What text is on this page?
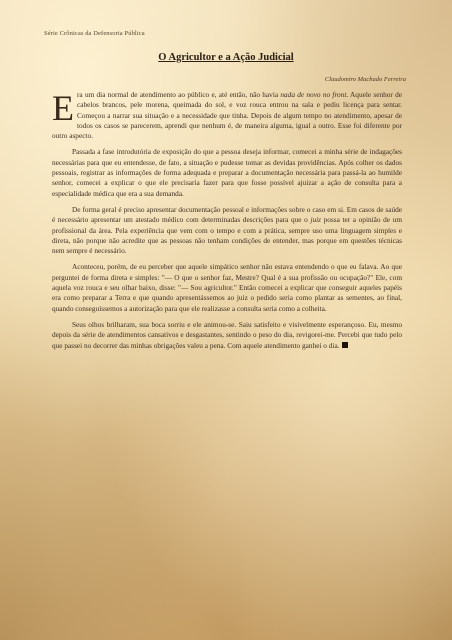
Série Crônicas da Defensoria Pública
O Agricultor e a Ação Judicial
Claudomiro Machado Ferreira

Era um dia normal de atendimento ao público e, até então, não havia nada de novo no front. Aquele senhor de cabelos brancos, pele morena, queimada do sol, e voz rouca entrou na sala e pediu licença para sentar. Começou a narrar sua situação e a necessidade que tinha. Depois de algum tempo no atendimento, apesar de todos os casos se parecerem, aprendi que nenhum é, de maneira alguma, igual a outro. Esse foi diferente por outro aspecto.

Passada a fase introdutória de exposição do que a pessoa deseja informar, comecei a minha série de indagações necessárias para que eu entendesse, de fato, a situação e pudesse tomar as devidas providências. Após colher os dados pessoais, registrar as informações de forma adequada e preparar a documentação necessária para passá-la ao humilde senhor, comecei a explicar o que ele precisaria fazer para que fosse possível ajuizar a ação de consulta para a especialidade médica que era a sua demanda.

De forma geral é preciso apresentar documentação pessoal e informações sobre o caso em si. Em casos de saúde é necessário apresentar um atestado médico com determinadas descrições para que o juiz possa ter a opinião de um profissional da área. Pela experiência que vem com o tempo e com a prática, sempre uso uma linguagem simples e direta, não porque não acredite que as pessoas não tenham condições de entender, mas porque em questões técnicas nem sempre é necessário.

Aconteceu, porém, de eu perceber que aquele simpático senhor não estava entendendo o que eu falava. Ao que perguntei de forma direta e simples: "— O que o senhor faz, Mestre? Qual é a sua profissão ou ocupação?" Ele, com aquela voz rouca e seu olhar baixo, disse: "— Sou agricultor." Então comecei a explicar que conseguir aqueles papéis era como preparar a Terra e que quando apresentássemos ao juiz o pedido seria como plantar as sementes, ao final, quando conseguíssemos a autorização para que ele realizasse a consulta seria como a colheita.

Seus olhos brilharam, sua boca sorriu e ele animou-se. Saiu satisfeito e visivelmente esperançoso. Eu, mesmo depois da série de atendimentos cansativos e desgastantes, sentindo o peso do dia, revigorei-me. Percebi que tudo pelo que passei no decorrer das minhas obrigações valeu a pena. Com aquele atendimento ganhei o dia.
